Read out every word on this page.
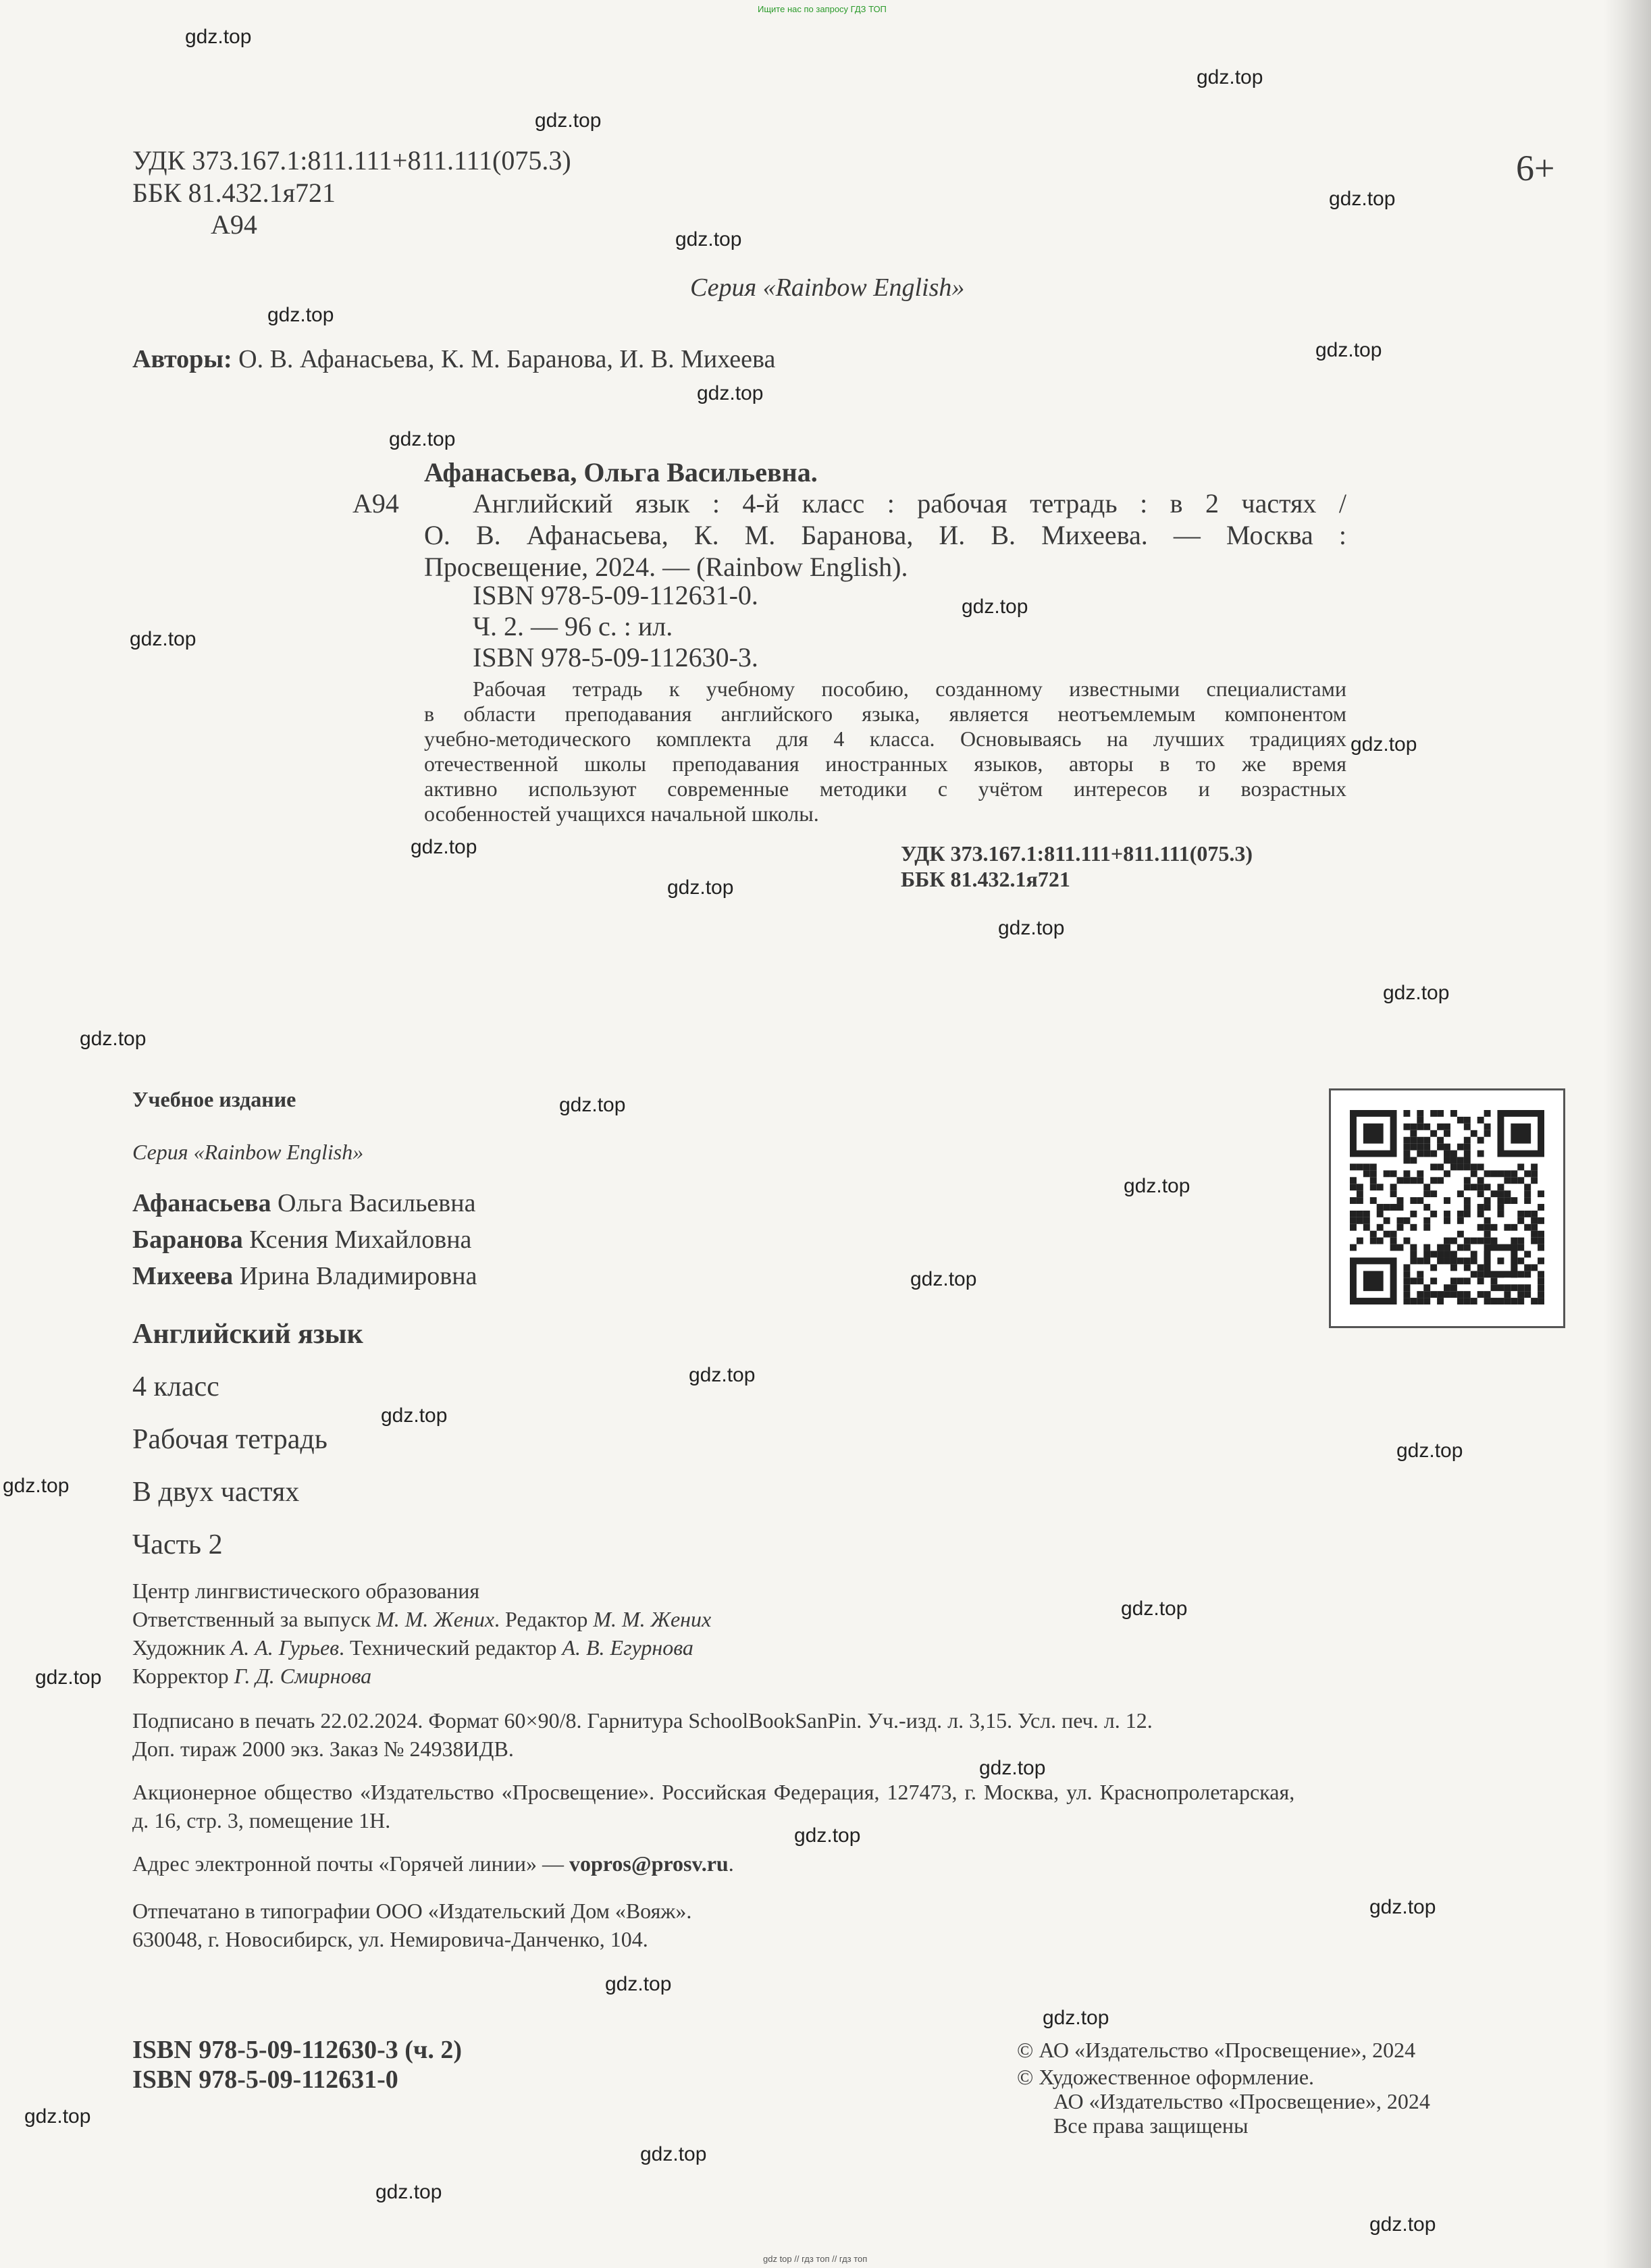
Ищите нас по запросу ГДЗ ТОП
УДК 373.167.1:811.111+811.111(075.3)
ББК 81.432.1я721
А94
6+
Серия «Rainbow English»
Авторы: О. В. Афанасьева, К. М. Баранова, И. В. Михеева
Афанасьева, Ольга Васильевна.
А94	Английский язык : 4-й класс : рабочая тетрадь : в 2 частях /
О. В. Афанасьева, К. М. Баранова, И. В. Михеева. — Москва :
Просвещение, 2024. — (Rainbow English).
ISBN 978-5-09-112631-0.
Ч. 2. — 96 с. : ил.
ISBN 978-5-09-112630-3.
Рабочая тетрадь к учебному пособию, созданному известными специалистами
в области преподавания английского языка, является неотъемлемым компонентом
учебно-методического комплекта для 4 класса. Основываясь на лучших традициях
отечественной школы преподавания иностранных языков, авторы в то же время
активно используют современные методики с учётом интересов и возрастных
особенностей учащихся начальной школы.
УДК 373.167.1:811.111+811.111(075.3)
ББК 81.432.1я721
Учебное издание
Серия «Rainbow English»
Афанасьева Ольга Васильевна
Баранова Ксения Михайловна
Михеева Ирина Владимировна
Английский язык
4 класс
Рабочая тетрадь
В двух частях
Часть 2
Центр лингвистического образования
Ответственный за выпуск М. М. Жених. Редактор М. М. Жених
Художник А. А. Гурьев. Технический редактор А. В. Егурнова
Корректор Г. Д. Смирнова
Подписано в печать 22.02.2024. Формат 60×90/8. Гарнитура SchoolBookSanPin. Уч.-изд. л. 3,15. Усл. печ. л. 12.
Доп. тираж 2000 экз. Заказ № 24938ИДВ.
Акционерное общество «Издательство «Просвещение». Российская Федерация, 127473, г. Москва, ул. Краснопролетарская,
д. 16, стр. 3, помещение 1Н.
Адрес электронной почты «Горячей линии» — vopros@prosv.ru.
Отпечатано в типографии ООО «Издательский Дом «Вояж».
630048, г. Новосибирск, ул. Немировича-Данченко, 104.
ISBN 978-5-09-112630-3 (ч. 2)
ISBN 978-5-09-112631-0
© АО «Издательство «Просвещение», 2024
© Художественное оформление.
АО «Издательство «Просвещение», 2024
Все права защищены
gdz.top
gdz.top
gdz.top
gdz.top
gdz.top
gdz.top
gdz.top
gdz.top
gdz.top
gdz.top
gdz.top
gdz.top
gdz.top
gdz.top
gdz.top
gdz.top
gdz.top
gdz.top
gdz.top
gdz.top
gdz.top
gdz.top
gdz.top
gdz.top
gdz.top
gdz.top
gdz.top
gdz.top
gdz.top
gdz.top
gdz.top
gdz.top
gdz.top
gdz.top
gdz.top
gdz top // гдз топ // гдз топ
